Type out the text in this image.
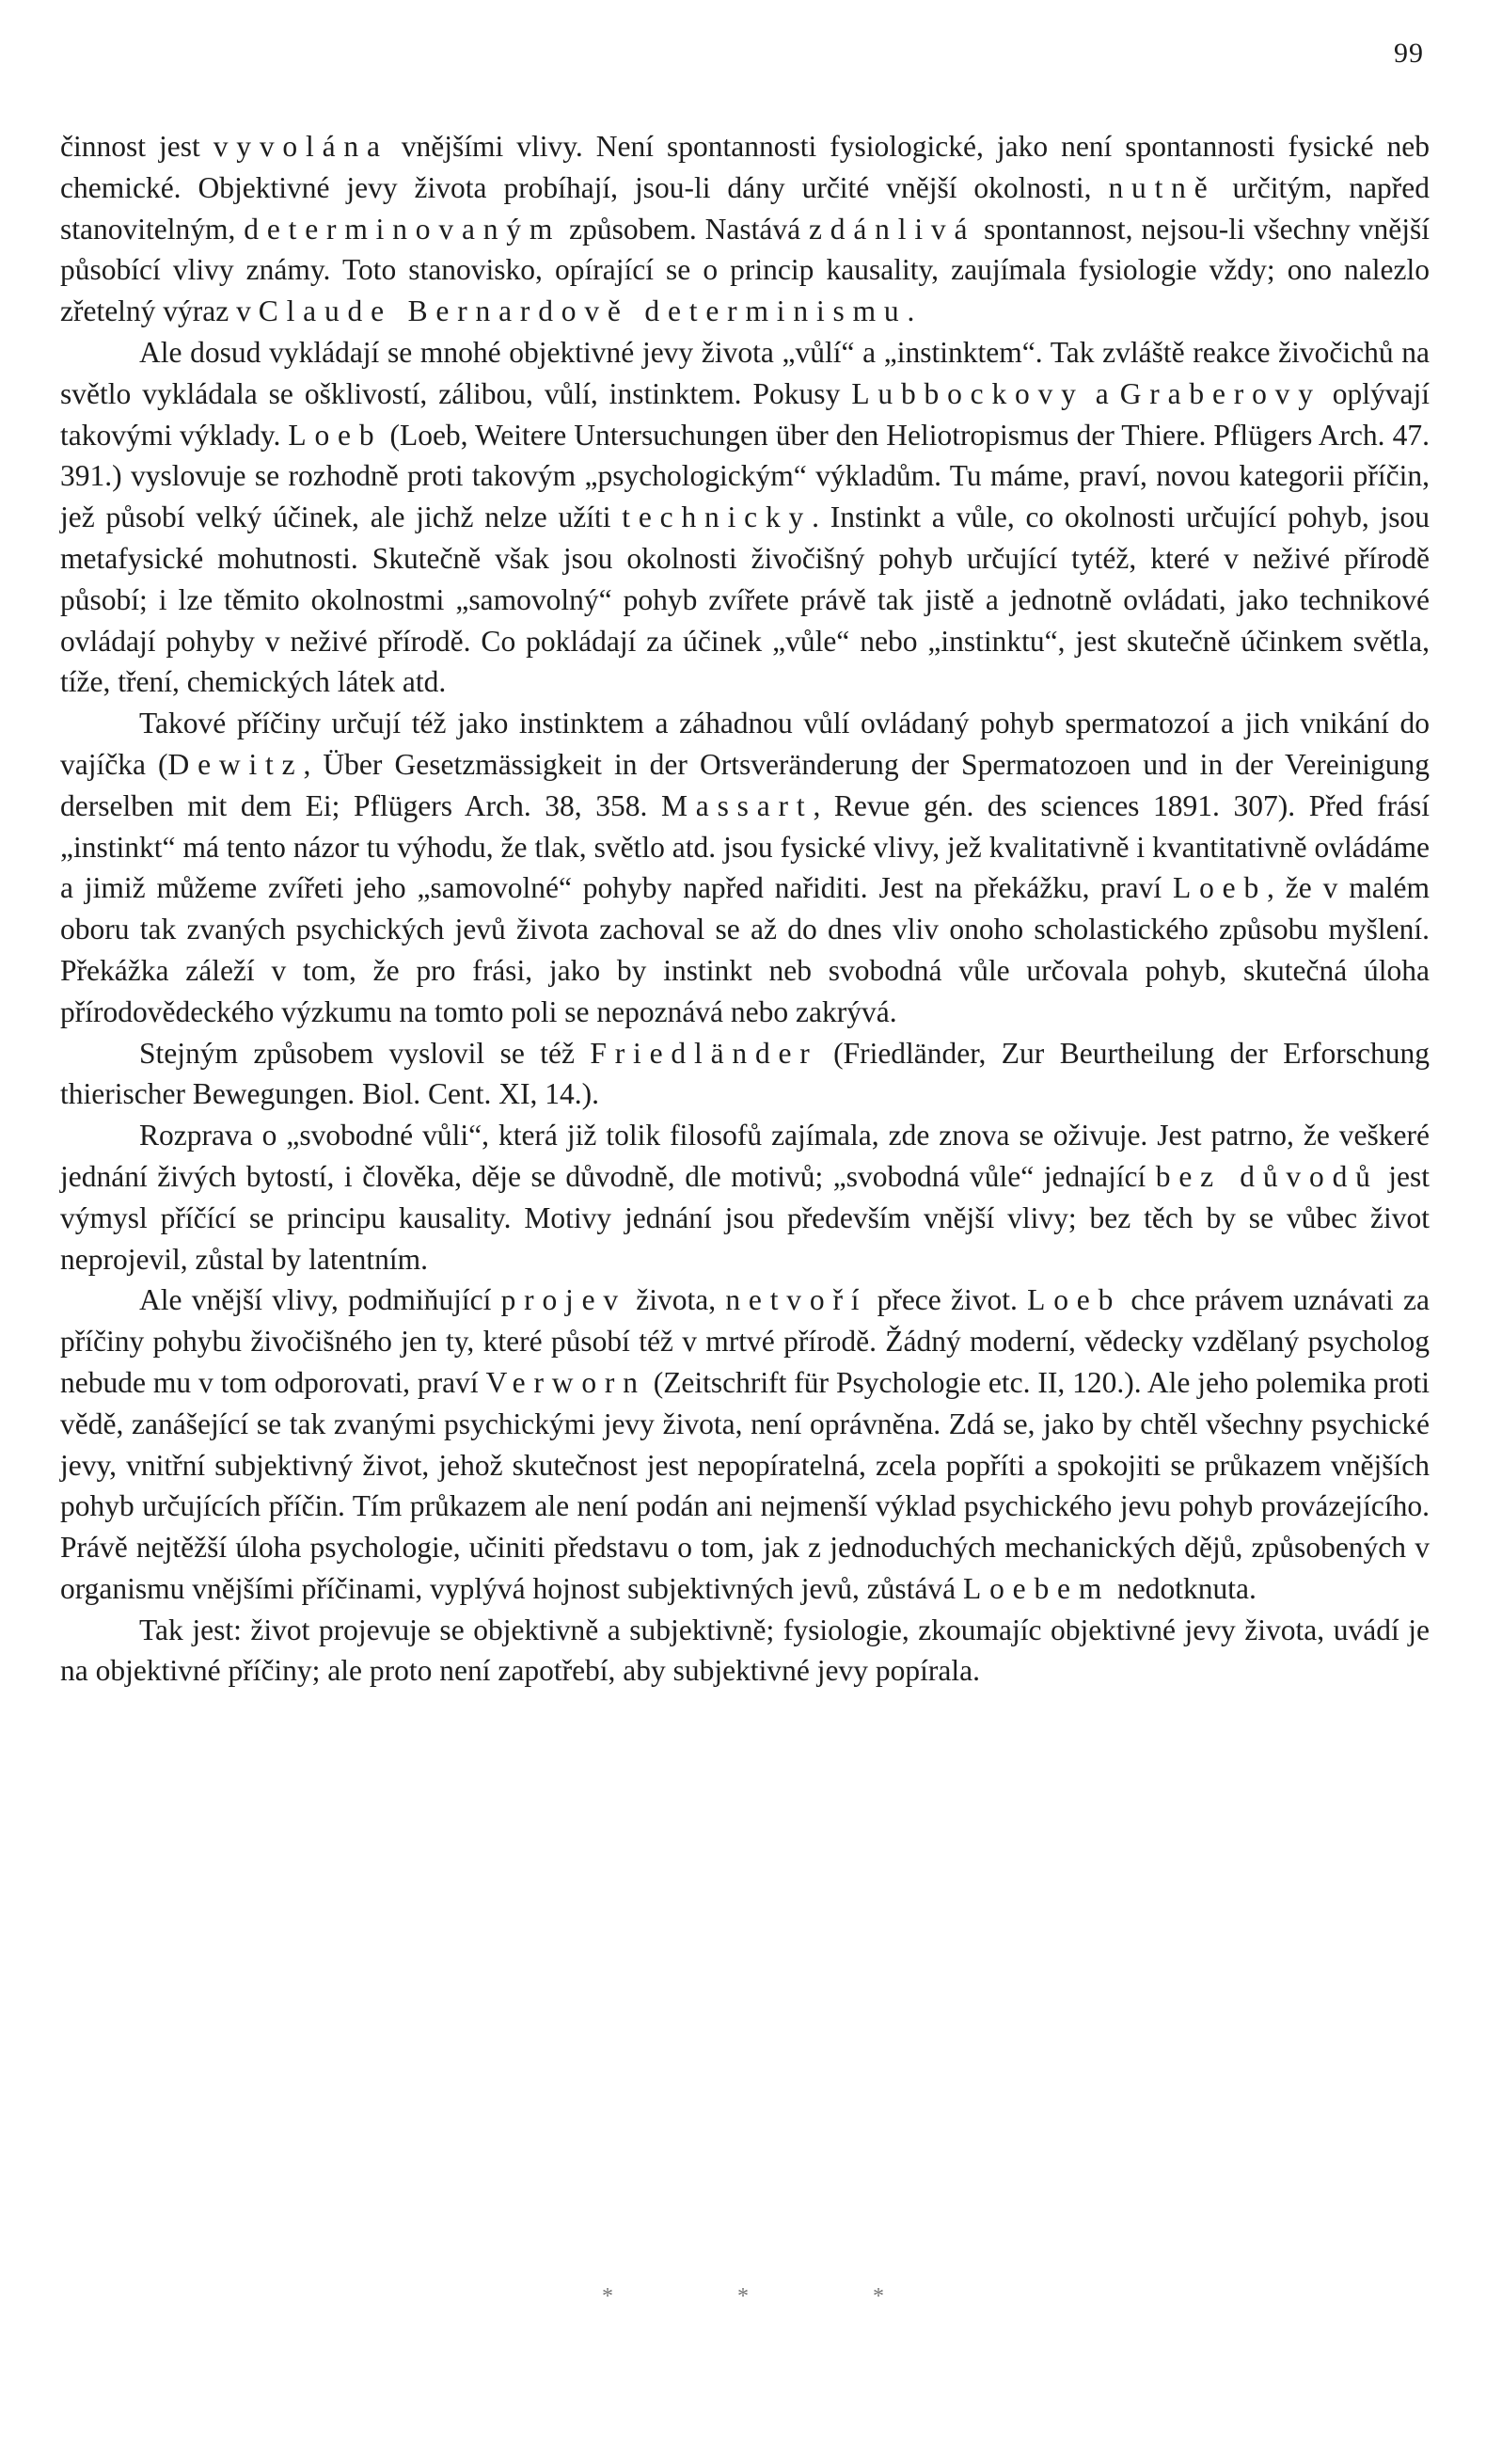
99

činnost jest vyvolána vnějšími vlivy. Není spontannosti fysiologické, jako není spontannosti fysické neb chemické. Objektivné jevy života probíhají, jsou-li dány určité vnější okolnosti, nutně určitým, napřed stanovitelným, determinovaným způsobem. Nastává zdánlivá spontannost, nejsou-li všechny vnější působící vlivy známy. Toto stanovisko, opírající se o princip kausality, zaujímala fysiologie vždy; ono nalezlo zřetelný výraz v Claude Bernardově determinismu.

Ale dosud vykládají se mnohé objektivné jevy života „vůlí“ a „instinktem“. Tak zvláště reakce živočichů na světlo vykládala se ošklivostí, zálibou, vůlí, instinktem. Pokusy Lubbockovy a Graberovy oplývají takovými výklady. Loeb (Loeb, Weitere Untersuchungen über den Heliotropismus der Thiere. Pflügers Arch. 47. 391.) vyslovuje se rozhodně proti takovým „psychologickým“ výkladům. Tu máme, praví, novou kategorii příčin, jež působí velký účinek, ale jichž nelze užíti technicky. Instinkt a vůle, co okolnosti určující pohyb, jsou metafysické mohutnosti. Skutečně však jsou okolnosti živočišný pohyb určující tytéž, které v neživé přírodě působí; i lze těmito okolnostmi „samovolný“ pohyb zvířete právě tak jistě a jednotně ovládati, jako technikové ovládají pohyby v neživé přírodě. Co pokládají za účinek „vůle“ nebo „instinktu“, jest skutečně účinkem světla, tíže, tření, chemických látek atd.

Takové příčiny určují též jako instinktem a záhadnou vůlí ovládaný pohyb spermatozoí a jich vnikání do vajíčka (Dewitz, Über Gesetzmässigkeit in der Ortsveränderung der Spermatozoen und in der Vereinigung derselben mit dem Ei; Pflügers Arch. 38, 358. Massart, Revue gén. des sciences 1891. 307). Před frásí „instinkt“ má tento názor tu výhodu, že tlak, světlo atd. jsou fysické vlivy, jež kvalitativně i kvantitativně ovládáme a jimiž můžeme zvířeti jeho „samovolné“ pohyby napřed nařiditi. Jest na překážku, praví Loeb, že v malém oboru tak zvaných psychických jevů života zachoval se až do dnes vliv onoho scholastického způsobu myšlení. Překážka záleží v tom, že pro frási, jako by instinkt neb svobodná vůle určovala pohyb, skutečná úloha přírodovědeckého výzkumu na tomto poli se nepoznává nebo zakrývá.

Stejným způsobem vyslovil se též Friedländer (Friedländer, Zur Beurtheilung der Erforschung thierischer Bewegungen. Biol. Cent. XI, 14.).

Rozprava o „svobodné vůli“, která již tolik filosofů zajímala, zde znova se oživuje. Jest patrno, že veškeré jednání živých bytostí, i člověka, děje se důvodně, dle motivů; „svobodná vůle“ jednající bez důvodů jest výmysl příčící se principu kausality. Motivy jednání jsou především vnější vlivy; bez těch by se vůbec život neprojevil, zůstal by latentním.

Ale vnější vlivy, podmiňující projev života, netvoří přece život. Loeb chce právem uznávati za příčiny pohybu živočišného jen ty, které působí též v mrtvé přírodě. Žádný moderní, vědecky vzdělaný psycholog nebude mu v tom odporovati, praví Verworn (Zeitschrift für Psychologie etc. II, 120.). Ale jeho polemika proti vědě, zanášející se tak zvanými psychickými jevy života, není oprávněna. Zdá se, jako by chtěl všechny psychické jevy, vnitřní subjektivný život, jehož skutečnost jest nepopíratelná, zcela popříti a spokojiti se průkazem vnějších pohyb určujících příčin. Tím průkazem ale není podán ani nejmenší výklad psychického jevu pohyb provázejícího. Právě nejtěžší úloha psychologie, učiniti představu o tom, jak z jednoduchých mechanických dějů, způsobených v organismu vnějšími příčinami, vyplývá hojnost subjektivných jevů, zůstává Loebem nedotknuta.

Tak jest: život projevuje se objektivně a subjektivně; fysiologie, zkoumajíc objektivné jevy života, uvádí je na objektivné příčiny; ale proto není zapotřebí, aby subjektivné jevy popírala.

*	*	*
